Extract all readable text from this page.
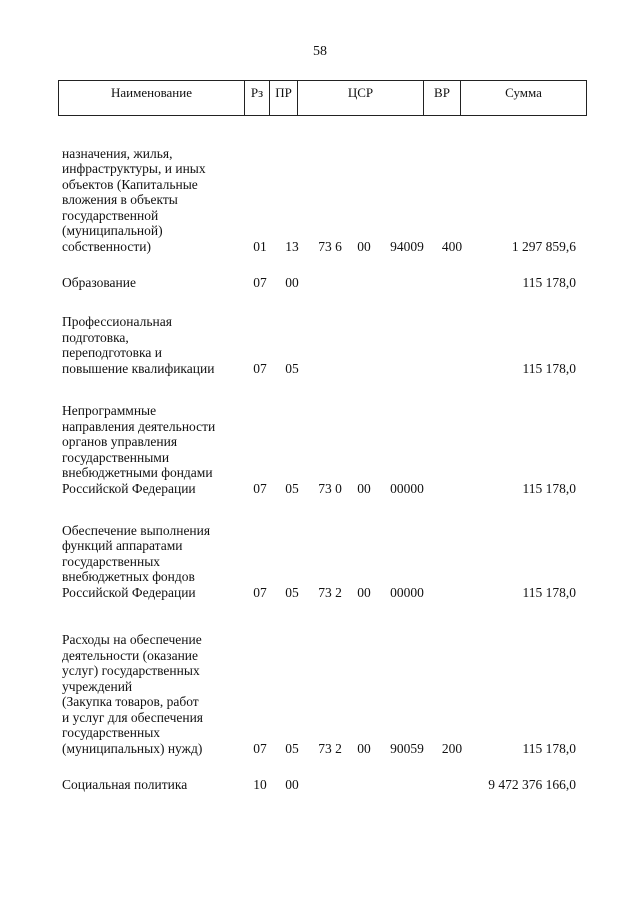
58
Наименование	Рз ПР	ЦСР	ВР	Сумма
назначения, жилья,
инфраструктуры, и иных
объектов (Капитальные
вложения в объекты
государственной
(муниципальной)
собственности)	01 13 73 6 00 94009 400	1 297 859,6
Образование	07 00	115 178,0
Профессиональная
подготовка,
переподготовка и
повышение квалификации	07 05	115 178,0
Непрограммные
направления деятельности
органов управления
государственными
внебюджетными фондами
Российской Федерации	07 05 73 0 00 00000	115 178,0
Обеспечение выполнения
функций аппаратами
государственных
внебюджетных фондов
Российской Федерации	07 05 73 2 00 00000	115 178,0
Расходы на обеспечение
деятельности (оказание
услуг) государственных
учреждений
(Закупка товаров, работ
и услуг для обеспечения
государственных
(муниципальных) нужд)	07 05 73 2 00 90059 200	115 178,0
Социальная политика	10 00	9 472 376 166,0
